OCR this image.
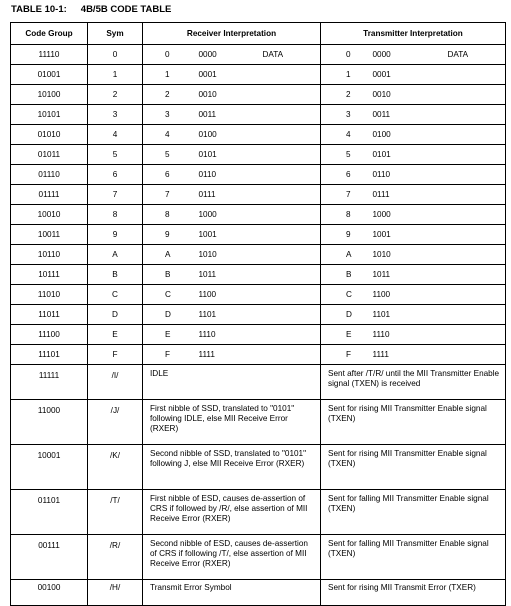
TABLE 10-1: 4B/5B CODE TABLE
Code Group	Sym	Receiver Interpretation			Transmitter Interpretation		
11110	0	0	0000	DATA	0	0000	DATA
01001	1	1	0001		1	0001	
10100	2	2	0010		2	0010	
10101	3	3	0011		3	0011	
01010	4	4	0100		4	0100	
01011	5	5	0101		5	0101	
01110	6	6	0110		6	0110	
01111	7	7	0111		7	0111	
10010	8	8	1000		8	1000	
10011	9	9	1001		9	1001	
10110	A	A	1010		A	1010	
10111	B	B	1011		B	1011	
11010	C	C	1100		C	1100	
11011	D	D	1101		D	1101	
11100	E	E	1110		E	1110	
11101	F	F	1111		F	1111	
11111	/I/	IDLE			Sent after /T/R/ until the MII Transmitter Enable signal (TXEN) is received		
11000	/J/	First nibble of SSD, translated to "0101" following IDLE, else MII Receive Error (RXER)			Sent for rising MII Transmitter Enable signal (TXEN)		
10001	/K/	Second nibble of SSD, translated to "0101" following J, else MII Receive Error (RXER)			Sent for rising MII Transmitter Enable signal (TXEN)		
01101	/T/	First nibble of ESD, causes de-assertion of CRS if followed by /R/, else assertion of MII Receive Error (RXER)			Sent for falling MII Transmitter Enable signal (TXEN)		
00111	/R/	Second nibble of ESD, causes de-assertion of CRS if following /T/, else assertion of MII Receive Error (RXER)			Sent for falling MII Transmitter Enable signal (TXEN)		
00100	/H/	Transmit Error Symbol			Sent for rising MII Transmit Error (TXER)		
